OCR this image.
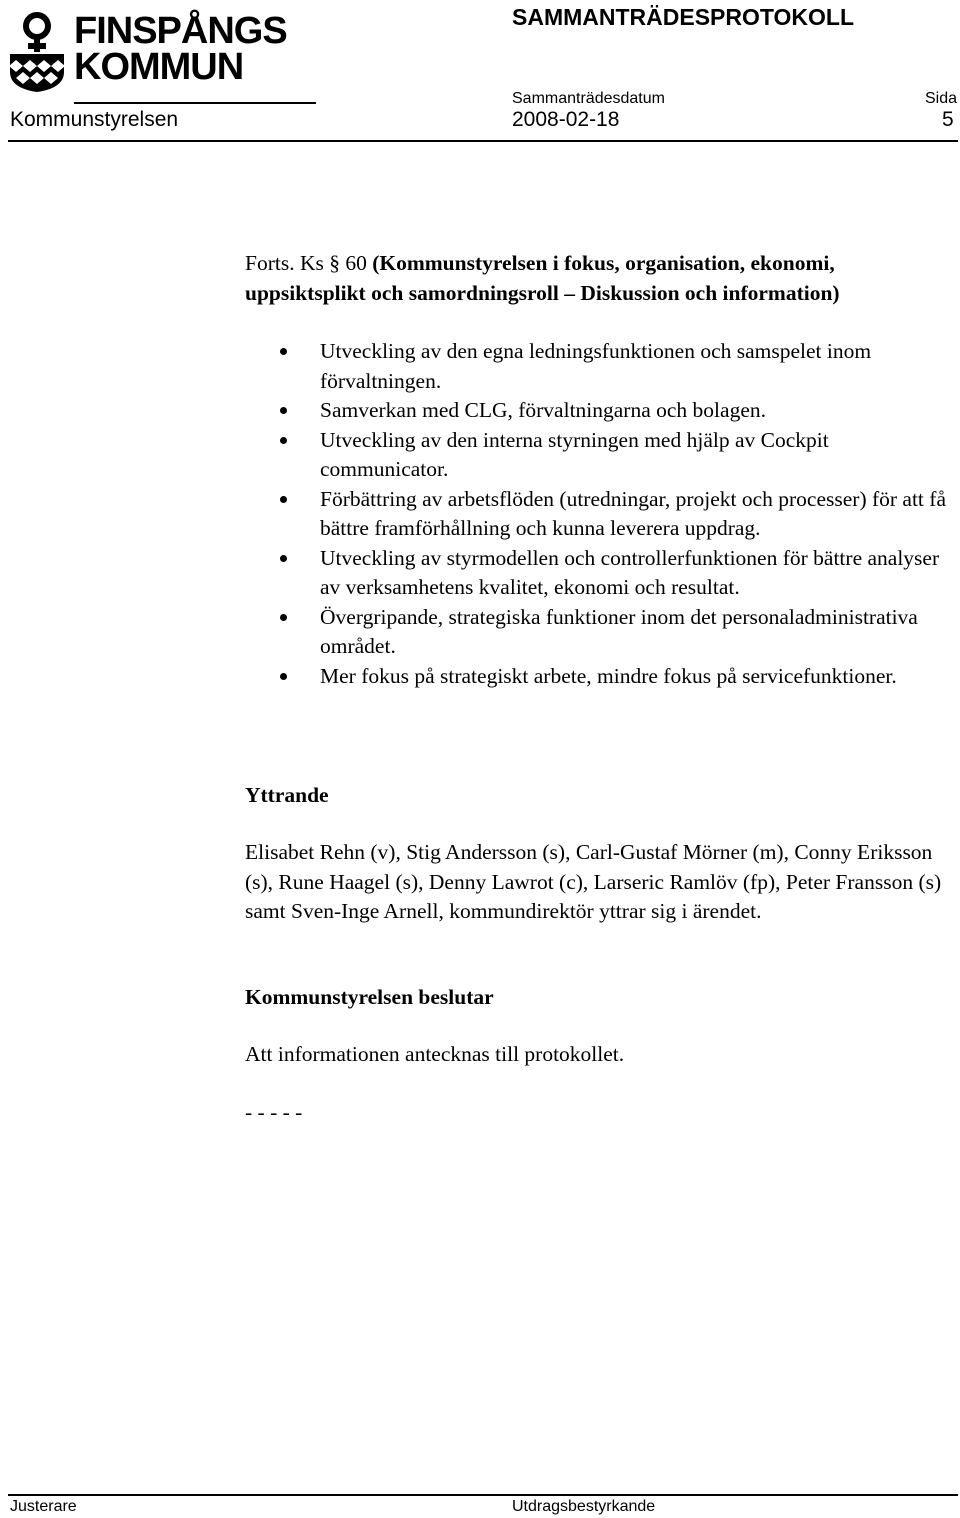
FINSPÅNGS
KOMMUN
SAMMANTRÄDESPROTOKOLL
Kommunstyrelsen
Sammanträdesdatum
2008-02-18
Sida
5
Forts. Ks § 60 (Kommunstyrelsen i fokus, organisation, ekonomi, uppsiktsplikt och samordningsroll – Diskussion och information)
Utveckling av den egna ledningsfunktionen och samspelet inom förvaltningen.
Samverkan med CLG, förvaltningarna och bolagen.
Utveckling av den interna styrningen med hjälp av Cockpit communicator.
Förbättring av arbetsflöden (utredningar, projekt och processer) för att få bättre framförhållning och kunna leverera uppdrag.
Utveckling av styrmodellen och controllerfunktionen för bättre analyser av verksamhetens kvalitet, ekonomi och resultat.
Övergripande, strategiska funktioner inom det personaladministrativa området.
Mer fokus på strategiskt arbete, mindre fokus på servicefunktioner.
Yttrande
Elisabet Rehn (v), Stig Andersson (s), Carl-Gustaf Mörner (m), Conny Eriksson (s), Rune Haagel (s), Denny Lawrot (c), Larseric Ramlöv (fp), Peter Fransson (s) samt Sven-Inge Arnell, kommundirektör yttrar sig i ärendet.
Kommunstyrelsen beslutar
Att informationen antecknas till protokollet.
- - - - -
Justerare	Utdragsbestyrkande
